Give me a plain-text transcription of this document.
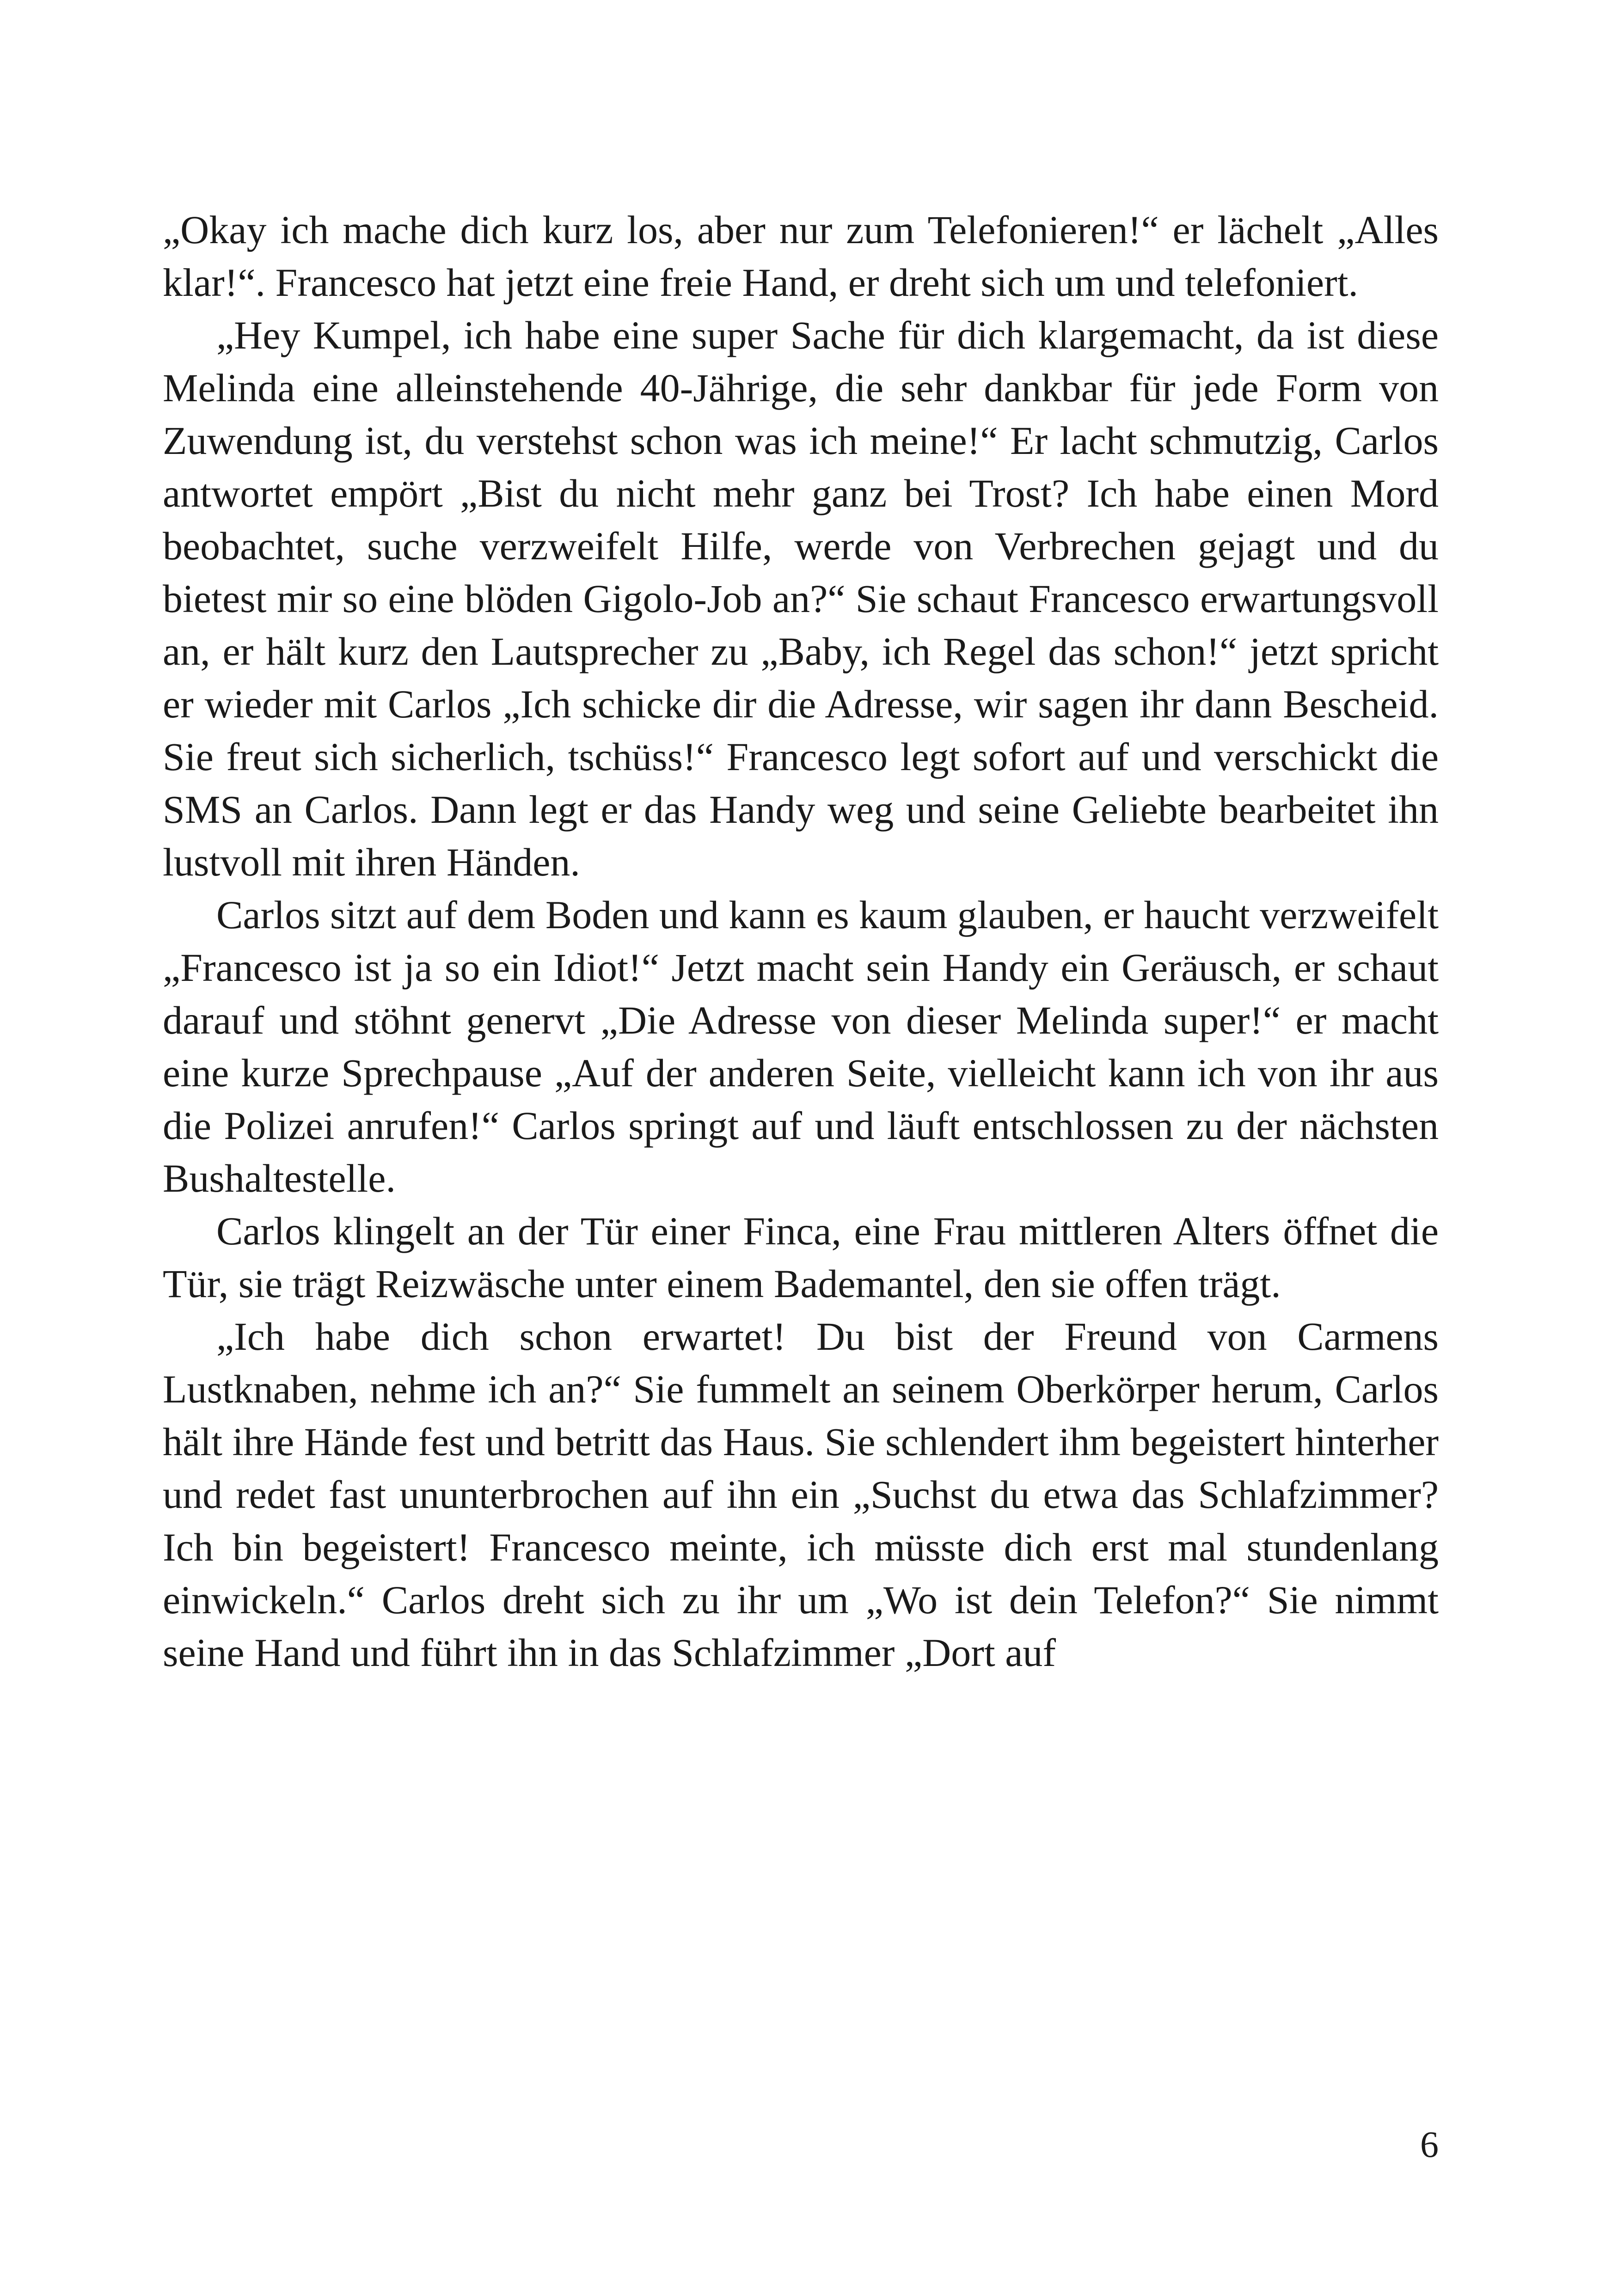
„Okay ich mache dich kurz los, aber nur zum Telefonieren!“ er lächelt „Alles klar!“. Francesco hat jetzt eine freie Hand, er dreht sich um und telefoniert.

„Hey Kumpel, ich habe eine super Sache für dich klargemacht, da ist diese Melinda eine alleinstehende 40-Jährige, die sehr dankbar für jede Form von Zuwendung ist, du verstehst schon was ich meine!“ Er lacht schmutzig, Carlos antwortet empört „Bist du nicht mehr ganz bei Trost? Ich habe einen Mord beobachtet, suche verzweifelt Hilfe, werde von Verbrechen gejagt und du bietest mir so eine blöden Gigolo-Job an?“ Sie schaut Francesco erwartungsvoll an, er hält kurz den Lautsprecher zu „Baby, ich Regel das schon!“ jetzt spricht er wieder mit Carlos „Ich schicke dir die Adresse, wir sagen ihr dann Bescheid. Sie freut sich sicherlich, tschüss!“ Francesco legt sofort auf und verschickt die SMS an Carlos. Dann legt er das Handy weg und seine Geliebte bearbeitet ihn lustvoll mit ihren Händen.

Carlos sitzt auf dem Boden und kann es kaum glauben, er haucht verzweifelt „Francesco ist ja so ein Idiot!“ Jetzt macht sein Handy ein Geräusch, er schaut darauf und stöhnt genervt „Die Adresse von dieser Melinda super!“ er macht eine kurze Sprechpause „Auf der anderen Seite, vielleicht kann ich von ihr aus die Polizei anrufen!“ Carlos springt auf und läuft entschlossen zu der nächsten Bushaltestelle.

Carlos klingelt an der Tür einer Finca, eine Frau mittleren Alters öffnet die Tür, sie trägt Reizwäsche unter einem Bademantel, den sie offen trägt.

„Ich habe dich schon erwartet! Du bist der Freund von Carmens Lustknaben, nehme ich an?“ Sie fummelt an seinem Oberkörper herum, Carlos hält ihre Hände fest und betritt das Haus. Sie schlendert ihm begeistert hinterher und redet fast ununterbrochen auf ihn ein „Suchst du etwa das Schlafzimmer? Ich bin begeistert! Francesco meinte, ich müsste dich erst mal stundenlang einwickeln.“ Carlos dreht sich zu ihr um „Wo ist dein Telefon?“ Sie nimmt seine Hand und führt ihn in das Schlafzimmer „Dort auf

6
